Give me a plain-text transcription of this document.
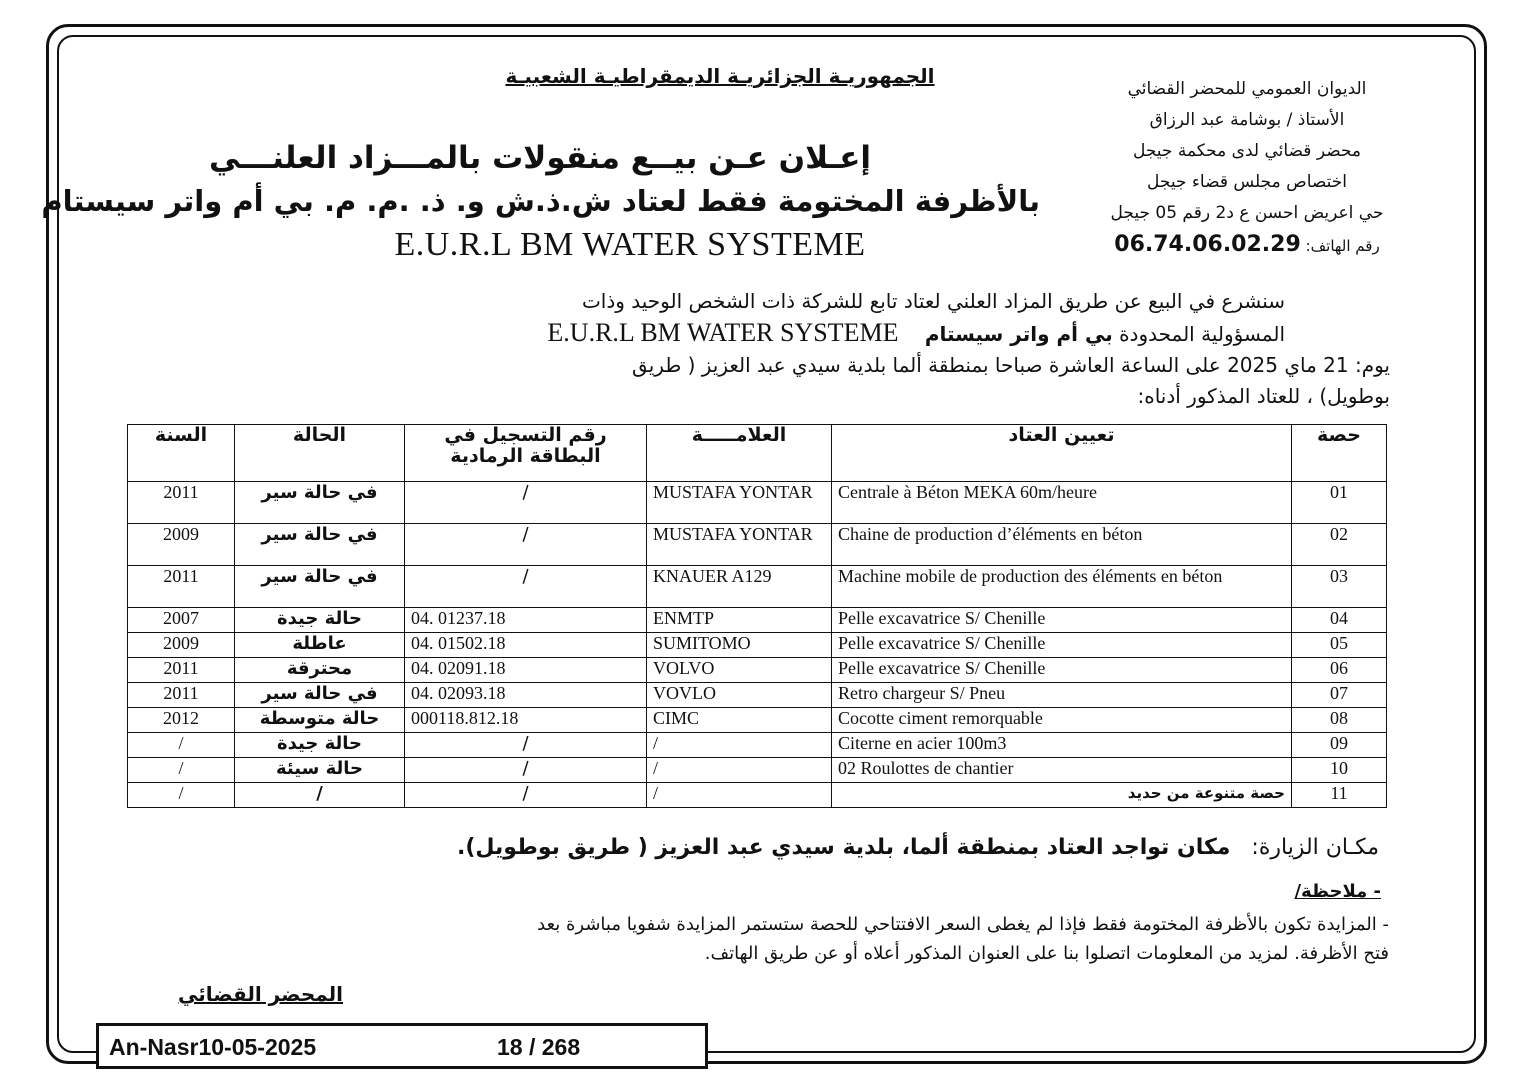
الديوان العمومي للمحضر القضائي
الأستاذ / بوشامة عبد الرزاق
محضر قضائي لدى محكمة جيجل
اختصاص مجلس قضاء جيجل
حي اعريض احسن ع د2 رقم 05 جيجل
رقم الهاتف: 06.74.06.02.29
الجمهوريـة الجزائريـة الديمقراطيـة الشعبيـة
إعـلان عـن بيــع منقولات بالمـــزاد العلنـــي
بالأظرفة المختومة فقط لعتاد ش.ذ.ش و. ذ. .م. م. بي أم واتر سيستام
E.U.R.L BM WATER SYSTEME

سنشرع في البيع عن طريق المزاد العلني لعتاد تابع للشركة ذات الشخص الوحيد وذات

المسؤولية المحدودة بي أم واتر سيستام E.U.R.L BM WATER SYSTEME

يوم: 21 ماي 2025 على الساعة العاشرة صباحا بمنطقة ألما بلدية سيدي عبد العزيز ( طريق

بوطويل) ، للعتاد المذكور أدناه:

حصة	تعيين العتاد	العلامـــــة	رقم التسجيل في البطاقة الرمادية	الحالة	السنة
01	Centrale à Béton MEKA 60m/heure	MUSTAFA YONTAR	/	في حالة سير	2011
02	Chaine de production d’éléments en béton	MUSTAFA YONTAR	/	في حالة سير	2009
03	Machine mobile de production des éléments en béton	KNAUER A129	/	في حالة سير	2011
04	Pelle excavatrice S/ Chenille	ENMTP	04. 01237.18	حالة جيدة	2007
05	Pelle excavatrice S/ Chenille	SUMITOMO	04. 01502.18	عاطلة	2009
06	Pelle excavatrice S/ Chenille	VOLVO	04. 02091.18	محترقة	2011
07	Retro chargeur S/ Pneu	VOVLO	04. 02093.18	في حالة سير	2011
08	Cocotte ciment remorquable	CIMC	000118.812.18	حالة متوسطة	2012
09	Citerne en acier 100m3	/	/	حالة جيدة	/
10	02 Roulottes de chantier	/	/	حالة سيئة	/
11	حصة متنوعة من حديد	/	/	/	/
مكـان الزيارة: مكان تواجد العتاد بمنطقة ألما، بلدية سيدي عبد العزيز ( طريق بوطويل).
- ملاحظة/

- المزايدة تكون بالأظرفة المختومة فقط فإذا لم يغطى السعر الافتتاحي للحصة ستستمر المزايدة شفويا مباشرة بعد

فتح الأظرفة. لمزيد من المعلومات اتصلوا بنا على العنوان المذكور أعلاه أو عن طريق الهاتف.

المحضر القضائي
An-Nasr10-05-2025	18 / 268
